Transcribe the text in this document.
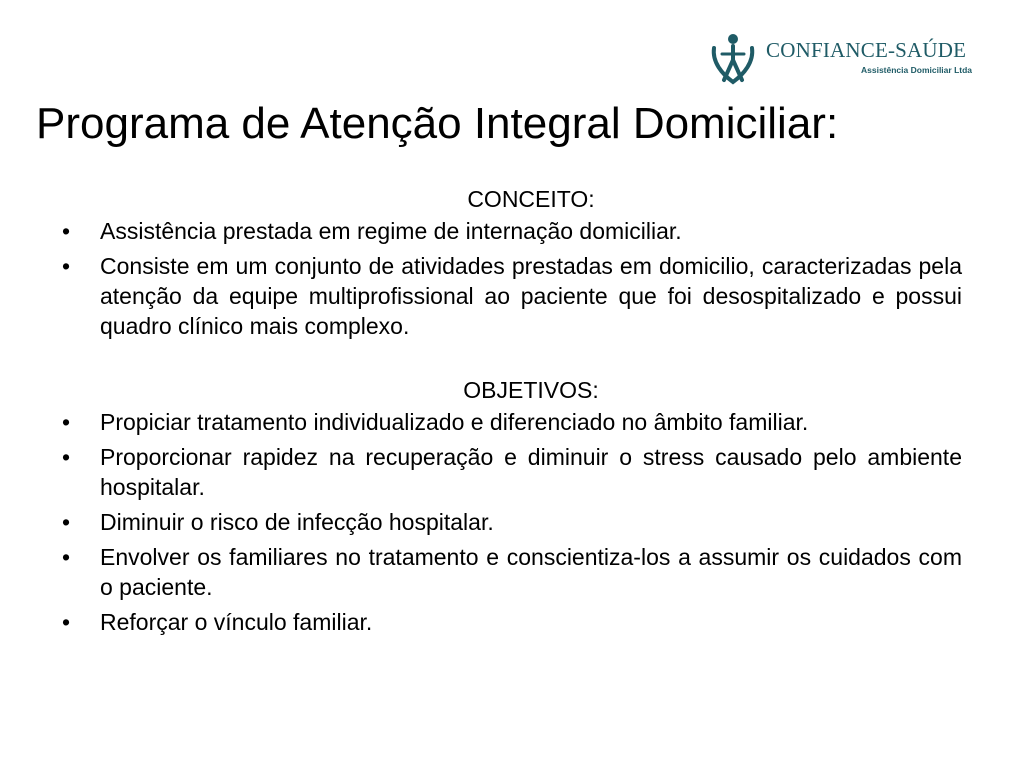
CONFIANCE-SAÚDE
Assistência Domiciliar Ltda
Programa de Atenção Integral Domiciliar:

CONCEITO:

• Assistência prestada em regime de internação domiciliar.
• Consiste em um conjunto de atividades prestadas em domicilio, caracterizadas pela atenção da equipe multiprofissional ao paciente que foi desospitalizado e possui quadro clínico mais complexo.

OBJETIVOS:

• Propiciar tratamento individualizado e diferenciado no âmbito familiar.
• Proporcionar rapidez na recuperação e diminuir o stress causado pelo ambiente hospitalar.
• Diminuir o risco de infecção hospitalar.
• Envolver os familiares no tratamento e conscientiza-los a assumir os cuidados com o paciente.
• Reforçar o vínculo familiar.
